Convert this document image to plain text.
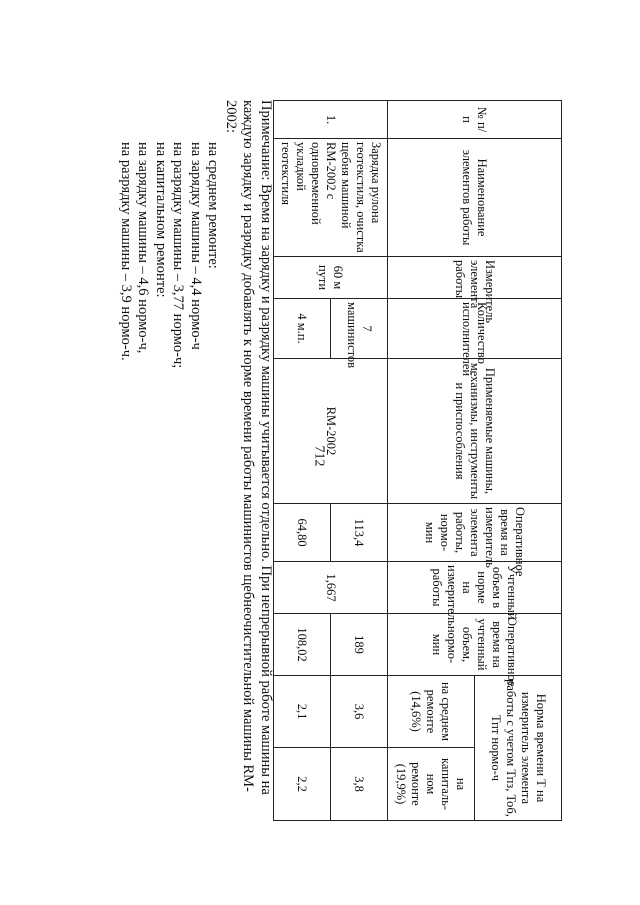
712
№ п/п	Наименование элементов работы	Измеритель элемента работы	Количество исполнителей	Применяемые машины, механизмы, инструменты и приспособления	Оперативное время на измеритель элемента работы, нормо-мин	Учтенный объем в норме на измеритель работы	Оперативное время на учтенный объем, нормо-мин	Норма времени Т на измеритель элемента работы с учетом Тпз, Тоб, Тпт нормо-ч	
								на среднем ремонте (14,6%)	на капиталь-ном ремонте (19,9%)
1.	Зарядка рулона геотекстиля, очистка щебня машиной RM-2002 с одновременной укладкой геотекстиля	60 м пути	7 машинистов	RM-2002	113,4	1,667	189	3,6	3,8
			4 м.п.		64,80		108,02	2,1	2,2

Примечание: Время на зарядку и разрядку машины учитывается отдельно. При непрерывной работе машины на каждую зарядку и разрядку добавлять к норме времени работы машинистов щебнеочистительной машины RM-2002:

на среднем ремонте:

на зарядку машины – 4,4 нормо-ч

на разрядку машины – 3,77 нормо-ч;

на капитальном ремонте:

на зарядку машины – 4,6 нормо-ч,

на разрядку машины – 3,9 нормо-ч.
